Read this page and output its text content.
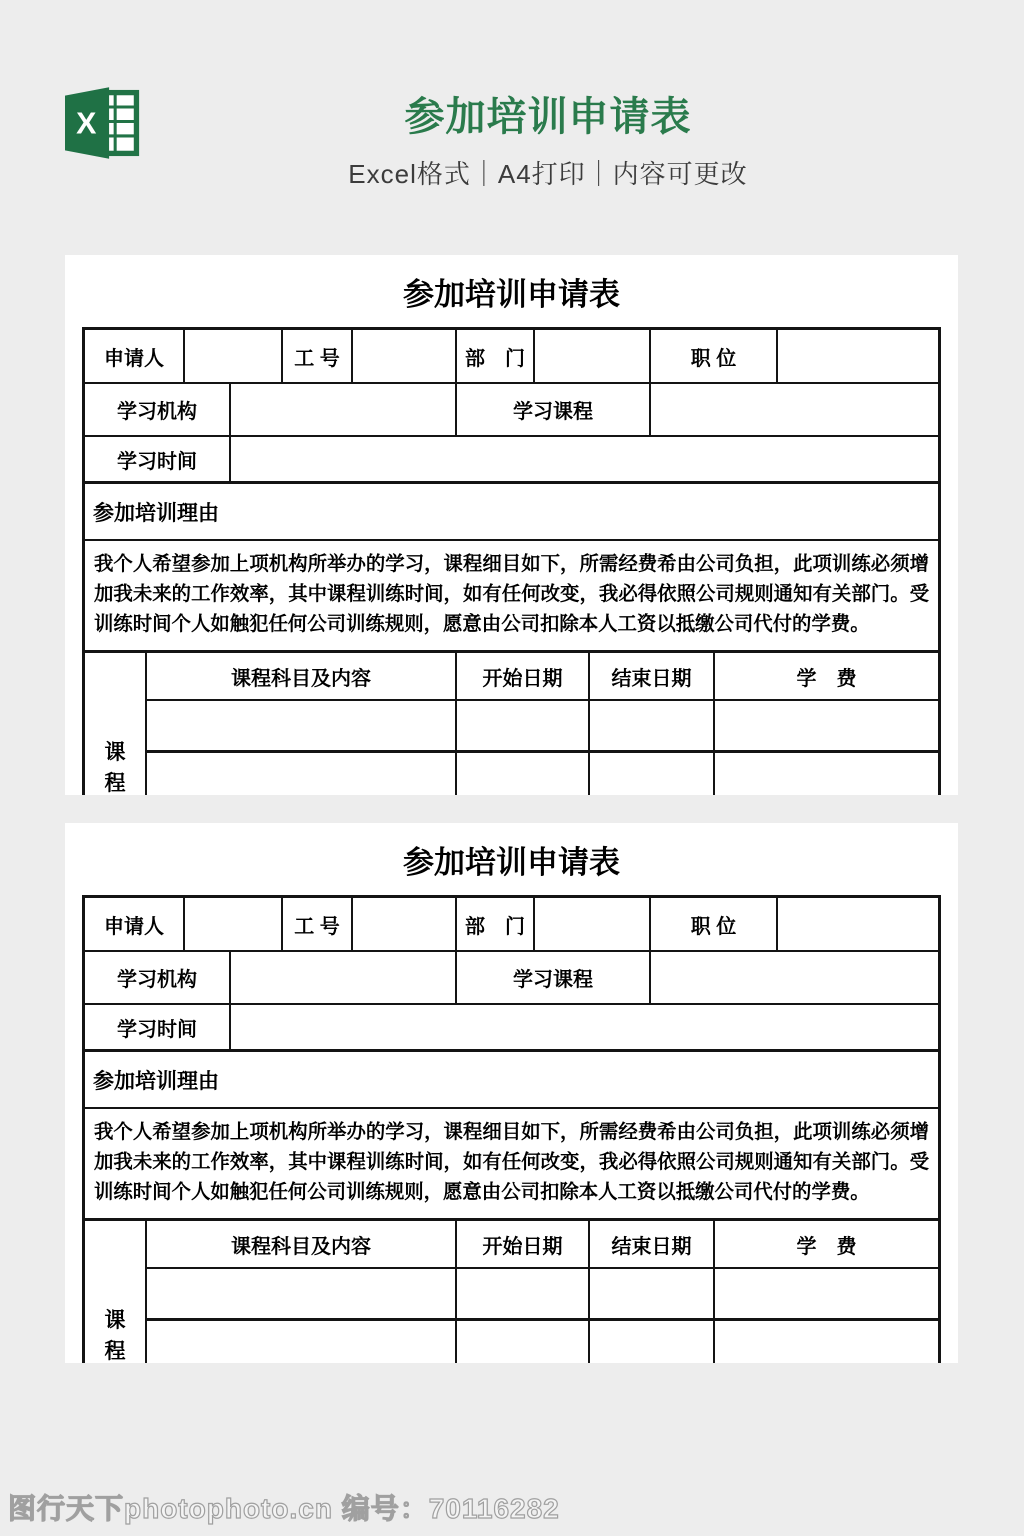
X	参加培训申请表
Excel格式｜A4打印｜内容可更改
参加培训申请表
申请人	工 号	部　门	职 位
学习机构	学习课程
学习时间
参加培训理由
我个人希望参加上项机构所举办的学习，课程细目如下，所需经费希由公司负担，此项训练必须增加我未来的工作效率，其中课程训练时间，如有任何改变，我必得依照公司规则通知有关部门。受训练时间个人如触犯任何公司训练规则，愿意由公司扣除本人工资以抵缴公司代付的学费。
课程
课程科目及内容	开始日期	结束日期	学　费
参加培训申请表
申请人	工 号	部　门	职 位
学习机构	学习课程
学习时间
参加培训理由
我个人希望参加上项机构所举办的学习，课程细目如下，所需经费希由公司负担，此项训练必须增加我未来的工作效率，其中课程训练时间，如有任何改变，我必得依照公司规则通知有关部门。受训练时间个人如触犯任何公司训练规则，愿意由公司扣除本人工资以抵缴公司代付的学费。
课程
课程科目及内容	开始日期	结束日期	学　费
图行天下photophoto.cn 编号：70116282
